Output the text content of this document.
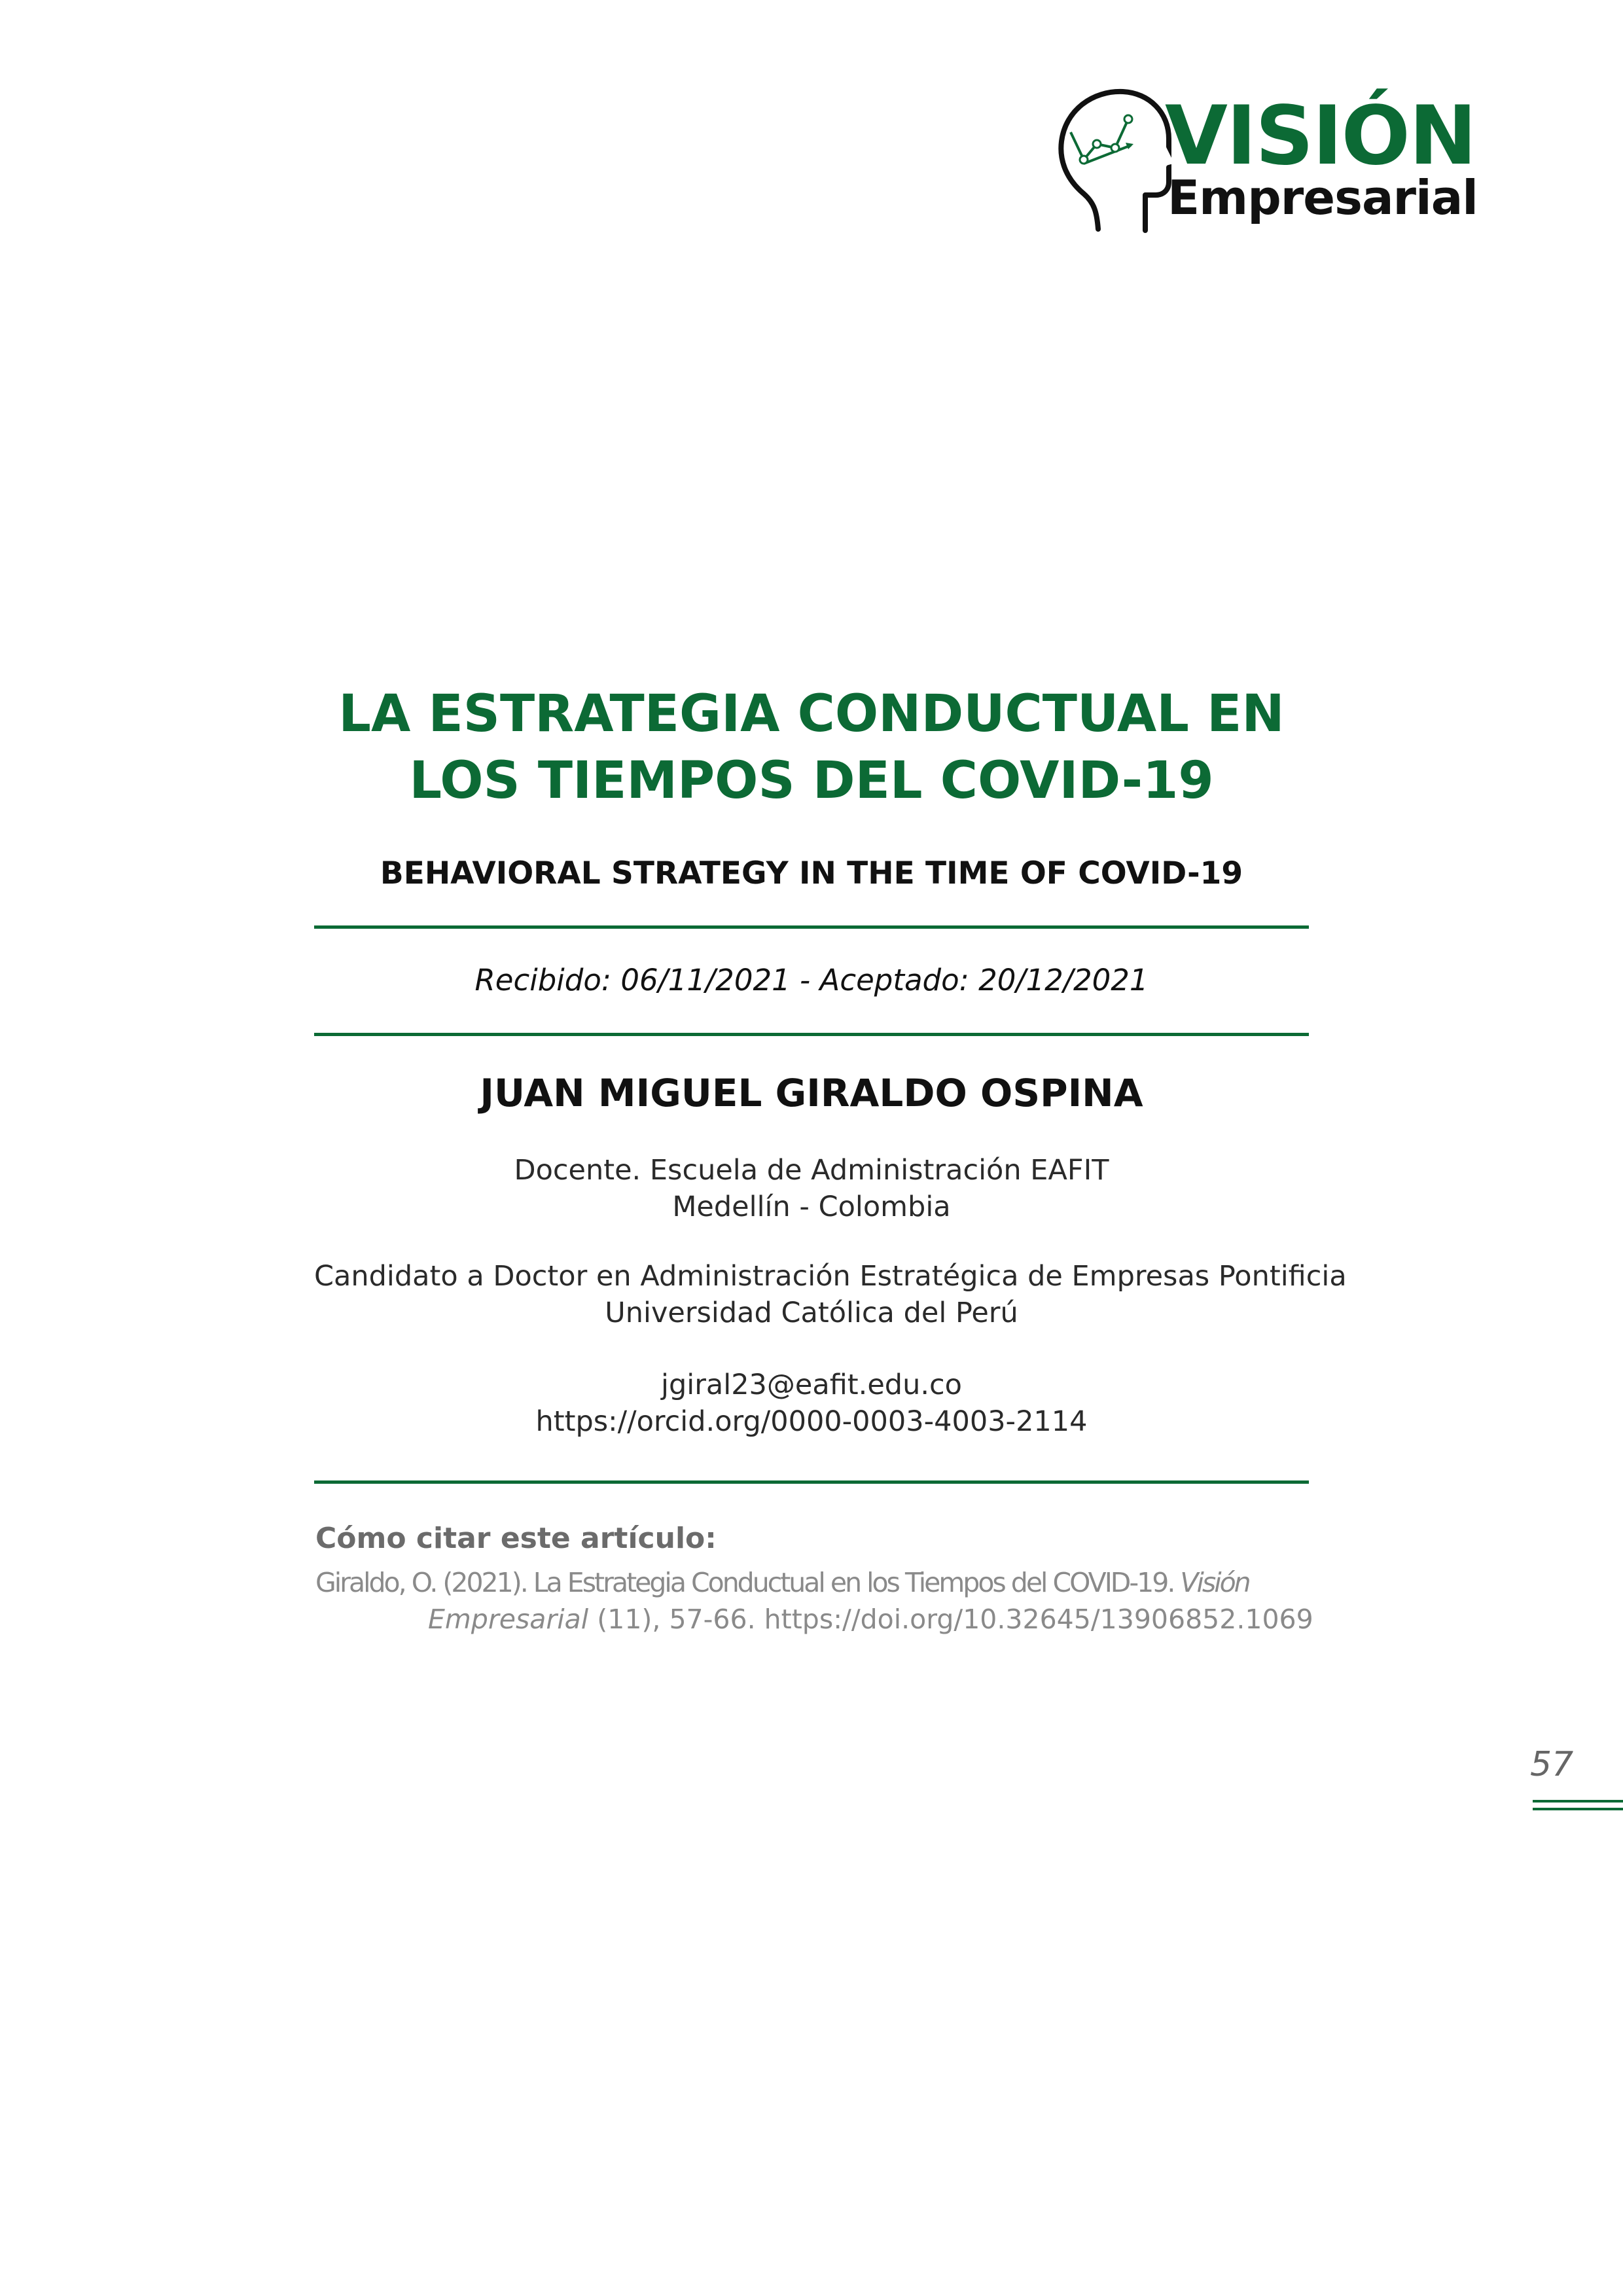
VISIÓN
Empresarial
LA ESTRATEGIA CONDUCTUAL EN
LOS TIEMPOS DEL COVID-19
BEHAVIORAL STRATEGY IN THE TIME OF COVID-19
Recibido: 06/11/2021 - Aceptado: 20/12/2021
JUAN MIGUEL GIRALDO OSPINA
Docente. Escuela de Administración EAFIT
Medellín - Colombia
Candidato a Doctor en Administración Estratégica de Empresas Pontificia
Universidad Católica del Perú
jgiral23@eafit.edu.co
https://orcid.org/0000-0003-4003-2114
Cómo citar este artículo:
Giraldo, O. (2021). La Estrategia Conductual en los Tiempos del COVID-19. Visión
Empresarial (11), 57-66. https://doi.org/10.32645/13906852.1069
57
